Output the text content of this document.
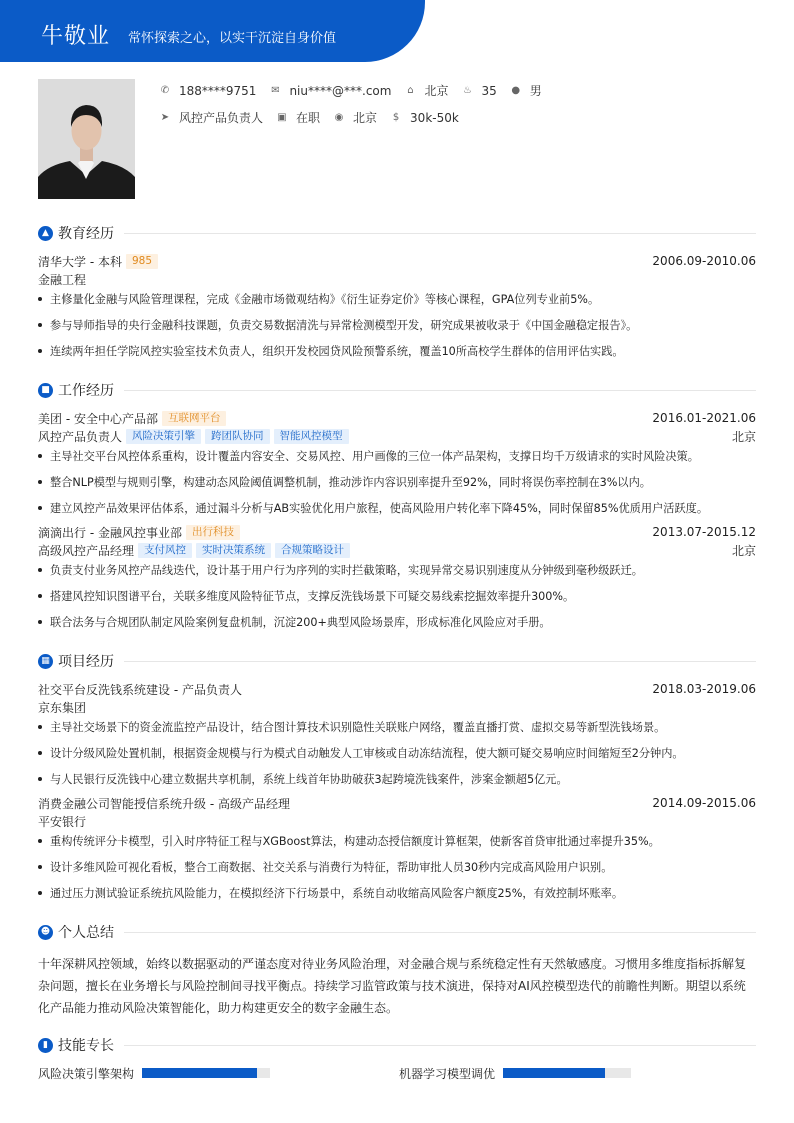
牛敬业 常怀探索之心，以实干沉淀自身价值
✆ 188****9751 ✉ niu****@***.com ⌂ 北京 ♨ 35 ● 男
➤ 风控产品负责人 ▣ 在职 ◉ 北京 $ 30k-50k
▲ 教育经历
清华大学 - 本科 985	2006.09-2010.06
金融工程
主修量化金融与风险管理课程，完成《金融市场微观结构》《衍生证券定价》等核心课程，GPA位列专业前5%。
参与导师指导的央行金融科技课题，负责交易数据清洗与异常检测模型开发，研究成果被收录于《中国金融稳定报告》。
连续两年担任学院风控实验室技术负责人，组织开发校园贷风险预警系统，覆盖10所高校学生群体的信用评估实践。
■ 工作经历
美团 - 安全中心产品部 互联网平台	2016.01-2021.06
风控产品负责人 风险决策引擎	跨团队协同	智能风控模型	北京
主导社交平台风控体系重构，设计覆盖内容安全、交易风控、用户画像的三位一体产品架构，支撑日均千万级请求的实时风险决策。
整合NLP模型与规则引擎，构建动态风险阈值调整机制，推动涉诈内容识别率提升至92%，同时将误伤率控制在3%以内。
建立风控产品效果评估体系，通过漏斗分析与AB实验优化用户旅程，使高风险用户转化率下降45%，同时保留85%优质用户活跃度。
滴滴出行 - 金融风控事业部 出行科技	2013.07-2015.12
高级风控产品经理 支付风控	实时决策系统	合规策略设计	北京
负责支付业务风控产品线迭代，设计基于用户行为序列的实时拦截策略，实现异常交易识别速度从分钟级到毫秒级跃迁。
搭建风控知识图谱平台，关联多维度风险特征节点，支撑反洗钱场景下可疑交易线索挖掘效率提升300%。
联合法务与合规团队制定风险案例复盘机制，沉淀200+典型风险场景库，形成标准化风险应对手册。
▦ 项目经历
社交平台反洗钱系统建设 - 产品负责人	2018.03-2019.06
京东集团
主导社交场景下的资金流监控产品设计，结合图计算技术识别隐性关联账户网络，覆盖直播打赏、虚拟交易等新型洗钱场景。
设计分级风险处置机制，根据资金规模与行为模式自动触发人工审核或自动冻结流程，使大额可疑交易响应时间缩短至2分钟内。
与人民银行反洗钱中心建立数据共享机制，系统上线首年协助破获3起跨境洗钱案件，涉案金额超5亿元。
消费金融公司智能授信系统升级 - 高级产品经理	2014.09-2015.06
平安银行
重构传统评分卡模型，引入时序特征工程与XGBoost算法，构建动态授信额度计算框架，使新客首贷审批通过率提升35%。
设计多维风险可视化看板，整合工商数据、社交关系与消费行为特征，帮助审批人员30秒内完成高风险用户识别。
通过压力测试验证系统抗风险能力，在模拟经济下行场景中，系统自动收缩高风险客户额度25%，有效控制坏账率。
☻ 个人总结
十年深耕风控领域，始终以数据驱动的严谨态度对待业务风险治理，对金融合规与系统稳定性有天然敏感度。习惯用多维度指标拆解复杂问题，擅长在业务增长与风险控制间寻找平衡点。持续学习监管政策与技术演进，保持对AI风控模型迭代的前瞻性判断。期望以系统化产品能力推动风险决策智能化，助力构建更安全的数字金融生态。
▮ 技能专长
风险决策引擎架构	机器学习模型调优
